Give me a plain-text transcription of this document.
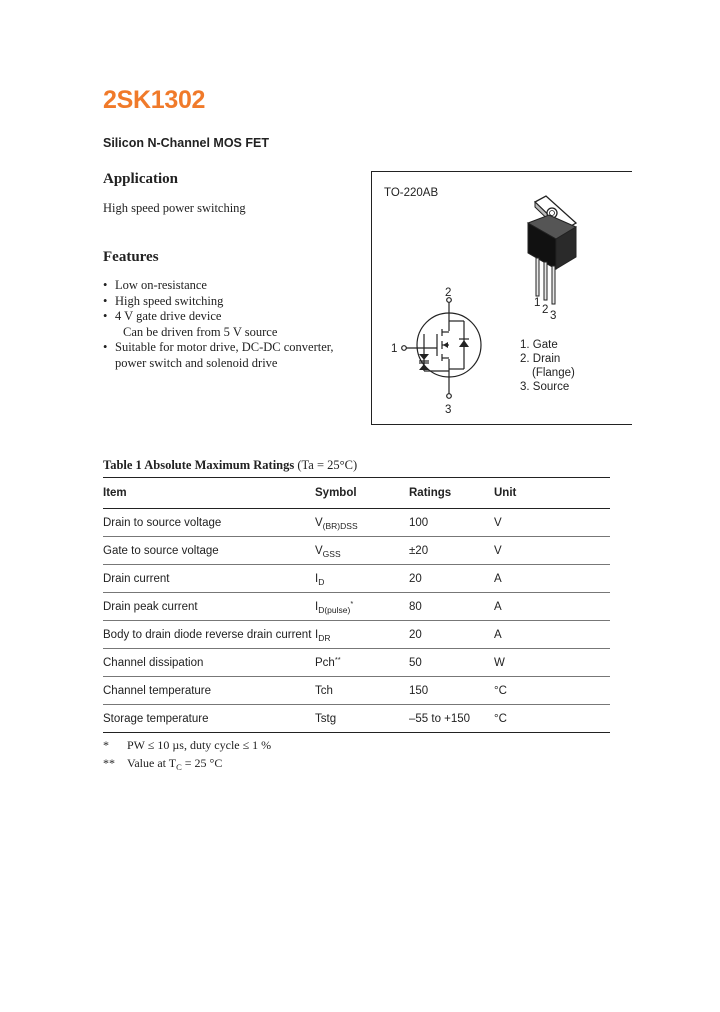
2SK1302
Silicon N-Channel MOS FET
Application
High speed power switching
Features
• Low on-resistance
• High speed switching
• 4 V gate drive device
Can be driven from 5 V source
• Suitable for motor drive, DC-DC converter,
power switch and solenoid drive
TO-220AB
1
2 3
2
1
3
1. Gate
2. Drain
(Flange)
3. Source
Table 1 Absolute Maximum Ratings (Ta = 25°C)
Item	Symbol	Ratings	Unit
Drain to source voltage	$V_{(BR)DSS}$	100	V
Gate to source voltage	$V_{GSS}$	±20	V
Drain current	$I_D$	20	A
Drain peak current	$I_{D(pulse)}^*$	80	A
Body to drain diode reverse drain current	$I_{DR}$	20	A
Channel dissipation	Pch**	50	W
Channel temperature	Tch	150	°C
Storage temperature	Tstg	–55 to +150	°C
* PW ≤ 10 µs, duty cycle ≤ 1 %
** Value at $T_C = 25$ °C
